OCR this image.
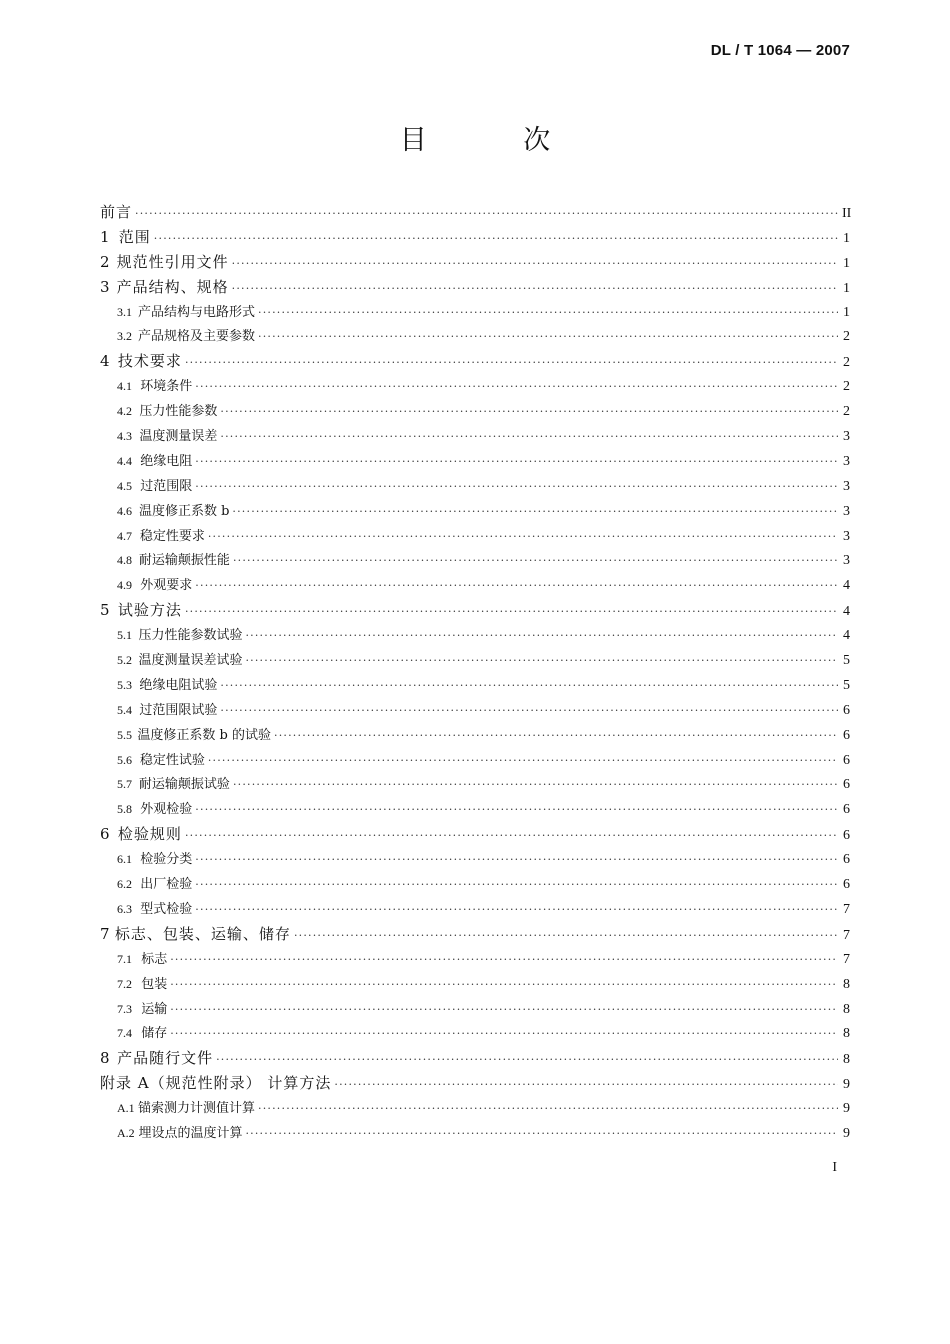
DL / T 1064 — 2007
目 次
前言 ·····	II
1 范围 ·····	1
2 规范性引用文件 ·····	1
3 产品结构、规格 ·····	1
3.1 产品结构与电路形式 ·····	1
3.2 产品规格及主要参数 ·····	2
4 技术要求 ·····	2
4.1 环境条件 ·····	2
4.2 压力性能参数 ·····	2
4.3 温度测量误差 ·····	3
4.4 绝缘电阻 ·····	3
4.5 过范围限 ·····	3
4.6 温度修正系数 b ·····	3
4.7 稳定性要求 ·····	3
4.8 耐运输颠振性能 ·····	3
4.9 外观要求 ·····	4
5 试验方法 ·····	4
5.1 压力性能参数试验 ·····	4
5.2 温度测量误差试验 ·····	5
5.3 绝缘电阻试验 ·····	5
5.4 过范围限试验 ·····	6
5.5 温度修正系数 b 的试验 ·····	6
5.6 稳定性试验 ·····	6
5.7 耐运输颠振试验 ·····	6
5.8 外观检验 ·····	6
6 检验规则 ·····	6
6.1 检验分类 ·····	6
6.2 出厂检验 ·····	6
6.3 型式检验 ·····	7
7 标志、包装、运输、储存 ·····	7
7.1 标志 ·····	7
7.2 包装 ·····	8
7.3 运输 ·····	8
7.4 储存 ·····	8
8 产品随行文件 ·····	8
附录 A（规范性附录） 计算方法 ·····	9
A.1 锚索测力计测值计算 ·····	9
A.2 埋设点的温度计算 ·····	9
I
